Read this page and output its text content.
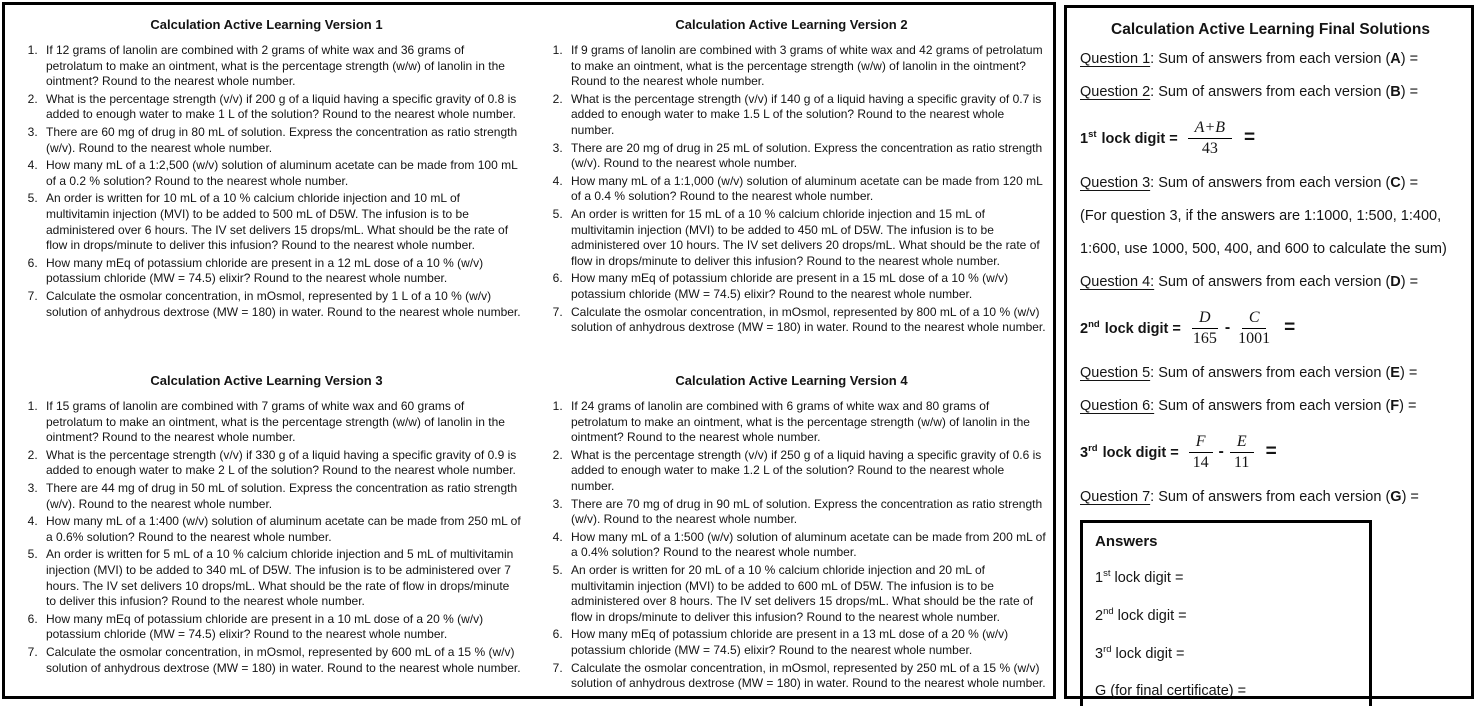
Calculation Active Learning Version 1
1. If 12 grams of lanolin are combined with 2 grams of white wax and 36 grams of petrolatum to make an ointment, what is the percentage strength (w/w) of lanolin in the ointment? Round to the nearest whole number.
2. What is the percentage strength (v/v) if 200 g of a liquid having a specific gravity of 0.8 is added to enough water to make 1 L of the solution? Round to the nearest whole number.
3. There are 60 mg of drug in 80 mL of solution. Express the concentration as ratio strength (w/v). Round to the nearest whole number.
4. How many mL of a 1:2,500 (w/v) solution of aluminum acetate can be made from 100 mL of a 0.2 % solution? Round to the nearest whole number.
5. An order is written for 10 mL of a 10 % calcium chloride injection and 10 mL of multivitamin injection (MVI) to be added to 500 mL of D5W. The infusion is to be administered over 6 hours. The IV set delivers 15 drops/mL. What should be the rate of flow in drops/minute to deliver this infusion? Round to the nearest whole number.
6. How many mEq of potassium chloride are present in a 12 mL dose of a 10 % (w/v) potassium chloride (MW = 74.5) elixir? Round to the nearest whole number.
7. Calculate the osmolar concentration, in mOsmol, represented by 1 L of a 10 % (w/v) solution of anhydrous dextrose (MW = 180) in water. Round to the nearest whole number.
Calculation Active Learning Version 2
1. If 9 grams of lanolin are combined with 3 grams of white wax and 42 grams of petrolatum to make an ointment, what is the percentage strength (w/w) of lanolin in the ointment? Round to the nearest whole number.
2. What is the percentage strength (v/v) if 140 g of a liquid having a specific gravity of 0.7 is added to enough water to make 1.5 L of the solution? Round to the nearest whole number.
3. There are 20 mg of drug in 25 mL of solution. Express the concentration as ratio strength (w/v). Round to the nearest whole number.
4. How many mL of a 1:1,000 (w/v) solution of aluminum acetate can be made from 120 mL of a 0.4 % solution? Round to the nearest whole number.
5. An order is written for 15 mL of a 10 % calcium chloride injection and 15 mL of multivitamin injection (MVI) to be added to 450 mL of D5W. The infusion is to be administered over 10 hours. The IV set delivers 20 drops/mL. What should be the rate of flow in drops/minute to deliver this infusion? Round to the nearest whole number.
6. How many mEq of potassium chloride are present in a 15 mL dose of a 10 % (w/v) potassium chloride (MW = 74.5) elixir? Round to the nearest whole number.
7. Calculate the osmolar concentration, in mOsmol, represented by 800 mL of a 10 % (w/v) solution of anhydrous dextrose (MW = 180) in water. Round to the nearest whole number.
Calculation Active Learning Version 3
1. If 15 grams of lanolin are combined with 7 grams of white wax and 60 grams of petrolatum to make an ointment, what is the percentage strength (w/w) of lanolin in the ointment? Round to the nearest whole number.
2. What is the percentage strength (v/v) if 330 g of a liquid having a specific gravity of 0.9 is added to enough water to make 2 L of the solution? Round to the nearest whole number.
3. There are 44 mg of drug in 50 mL of solution. Express the concentration as ratio strength (w/v). Round to the nearest whole number.
4. How many mL of a 1:400 (w/v) solution of aluminum acetate can be made from 250 mL of a 0.6% solution? Round to the nearest whole number.
5. An order is written for 5 mL of a 10 % calcium chloride injection and 5 mL of multivitamin injection (MVI) to be added to 340 mL of D5W. The infusion is to be administered over 7 hours. The IV set delivers 10 drops/mL. What should be the rate of flow in drops/minute to deliver this infusion? Round to the nearest whole number.
6. How many mEq of potassium chloride are present in a 10 mL dose of a 20 % (w/v) potassium chloride (MW = 74.5) elixir? Round to the nearest whole number.
7. Calculate the osmolar concentration, in mOsmol, represented by 600 mL of a 15 % (w/v) solution of anhydrous dextrose (MW = 180) in water. Round to the nearest whole number.
Calculation Active Learning Version 4
1. If 24 grams of lanolin are combined with 6 grams of white wax and 80 grams of petrolatum to make an ointment, what is the percentage strength (w/w) of lanolin in the ointment? Round to the nearest whole number.
2. What is the percentage strength (v/v) if 250 g of a liquid having a specific gravity of 0.6 is added to enough water to make 1.2 L of the solution? Round to the nearest whole number.
3. There are 70 mg of drug in 90 mL of solution. Express the concentration as ratio strength (w/v). Round to the nearest whole number.
4. How many mL of a 1:500 (w/v) solution of aluminum acetate can be made from 200 mL of a 0.4% solution? Round to the nearest whole number.
5. An order is written for 20 mL of a 10 % calcium chloride injection and 20 mL of multivitamin injection (MVI) to be added to 600 mL of D5W. The infusion is to be administered over 8 hours. The IV set delivers 15 drops/mL. What should be the rate of flow in drops/minute to deliver this infusion? Round to the nearest whole number.
6. How many mEq of potassium chloride are present in a 13 mL dose of a 20 % (w/v) potassium chloride (MW = 74.5) elixir? Round to the nearest whole number.
7. Calculate the osmolar concentration, in mOsmol, represented by 250 mL of a 15 % (w/v) solution of anhydrous dextrose (MW = 180) in water. Round to the nearest whole number.
Calculation Active Learning Final Solutions

Question 1: Sum of answers from each version (A) =

Question 2: Sum of answers from each version (B) =

1st lock digit = $\frac{A+B}{43}$ =

Question 3: Sum of answers from each version (C) =

(For question 3, if the answers are 1:1000, 1:500, 1:400,

1:600, use 1000, 500, 400, and 600 to calculate the sum)

Question 4: Sum of answers from each version (D) =

2nd lock digit = $\frac{D}{165} - \frac{C}{1001}$ =

Question 5: Sum of answers from each version (E) =

Question 6: Sum of answers from each version (F) =

3rd lock digit = $\frac{F}{14} - \frac{E}{11}$ =

Question 7: Sum of answers from each version (G) =

Answers

1st lock digit =

2nd lock digit =

3rd lock digit =

G (for final certificate) =
